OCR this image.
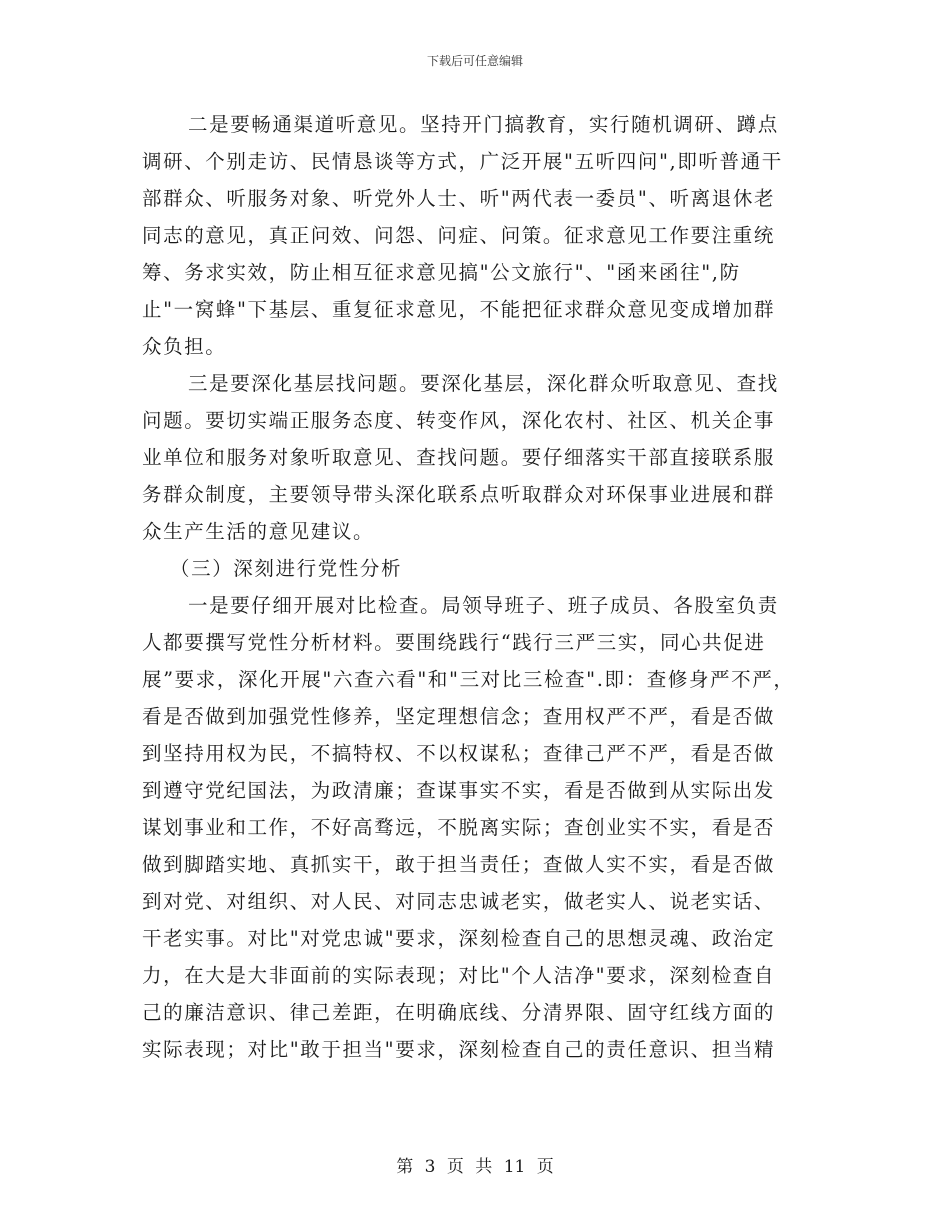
下载后可任意编辑
二是要畅通渠道听意见。坚持开门搞教育，实行随机调研、蹲点
调研、个别走访、民情恳谈等方式，广泛开展"五听四问",即听普通干
部群众、听服务对象、听党外人士、听"两代表一委员"、听离退休老
同志的意见，真正问效、问怨、问症、问策。征求意见工作要注重统
筹、务求实效，防止相互征求意见搞"公文旅行"、"函来函往",防
止"一窝蜂"下基层、重复征求意见，不能把征求群众意见变成增加群
众负担。
三是要深化基层找问题。要深化基层，深化群众听取意见、查找
问题。要切实端正服务态度、转变作风，深化农村、社区、机关企事
业单位和服务对象听取意见、查找问题。要仔细落实干部直接联系服
务群众制度，主要领导带头深化联系点听取群众对环保事业进展和群
众生产生活的意见建议。
（三）深刻进行党性分析
一是要仔细开展对比检查。局领导班子、班子成员、各股室负责
人都要撰写党性分析材料。要围绕践行“践行三严三实，同心共促进
展”要求，深化开展"六查六看"和"三对比三检查".即：查修身严不严，
看是否做到加强党性修养，坚定理想信念；查用权严不严，看是否做
到坚持用权为民，不搞特权、不以权谋私；查律己严不严，看是否做
到遵守党纪国法，为政清廉；查谋事实不实，看是否做到从实际出发
谋划事业和工作，不好高骛远，不脱离实际；查创业实不实，看是否
做到脚踏实地、真抓实干，敢于担当责任；查做人实不实，看是否做
到对党、对组织、对人民、对同志忠诚老实，做老实人、说老实话、
干老实事。对比"对党忠诚"要求，深刻检查自己的思想灵魂、政治定
力，在大是大非面前的实际表现；对比"个人洁净"要求，深刻检查自
己的廉洁意识、律己差距，在明确底线、分清界限、固守红线方面的
实际表现；对比"敢于担当"要求，深刻检查自己的责任意识、担当精
第 3 页 共 11 页
